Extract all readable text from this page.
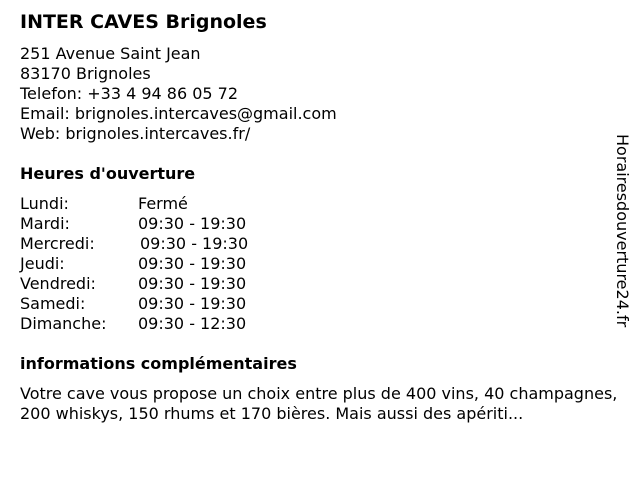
INTER CAVES Brignoles
251 Avenue Saint Jean
83170 Brignoles
Telefon: +33 4 94 86 05 72
Email: brignoles.intercaves@gmail.com
Web: brignoles.intercaves.fr/
Heures d'ouverture
Lundi:	Fermé
Mardi:	09:30 - 19:30
Mercredi:	09:30 - 19:30
Jeudi:	09:30 - 19:30
Vendredi:	09:30 - 19:30
Samedi:	09:30 - 19:30
Dimanche: 09:30 - 12:30
informations complémentaires
Votre cave vous propose un choix entre plus de 400 vins, 40 champagnes, 200 whiskys, 150 rhums et 170 bières. Mais aussi des apériti...
Horairesdouverture24.fr
